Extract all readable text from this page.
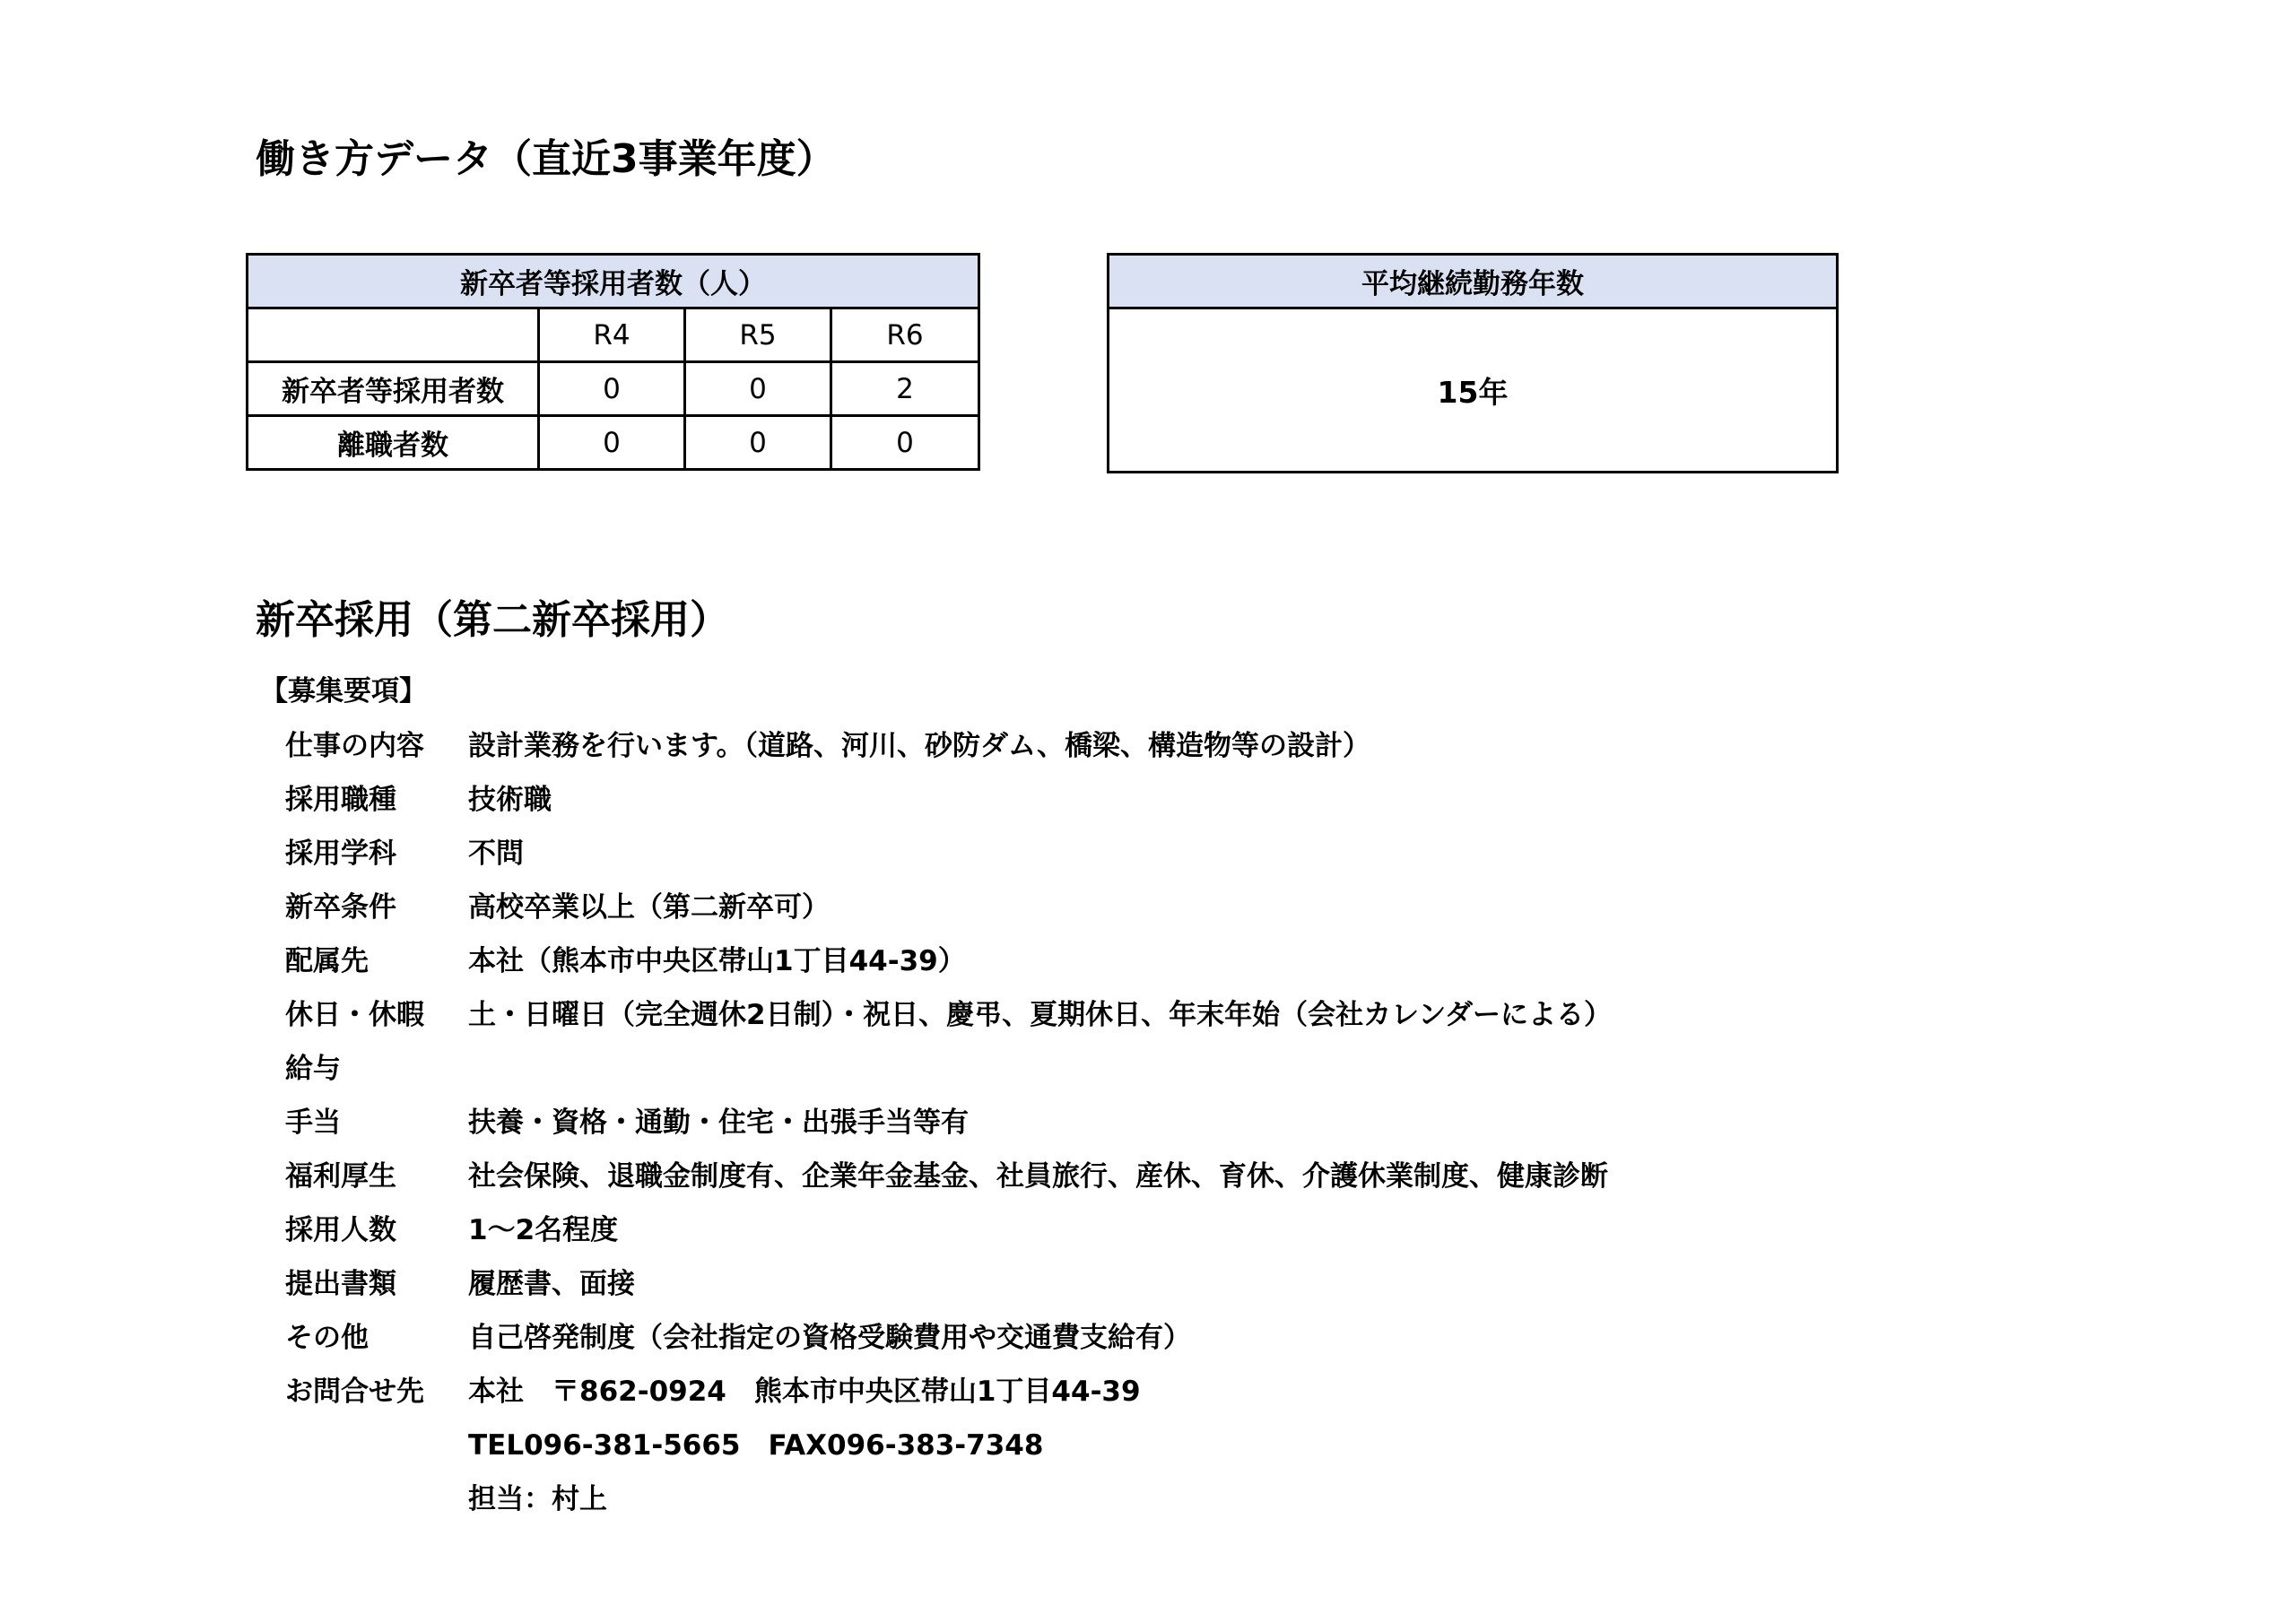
働き方データ（直近3事業年度）
新卒者等採用者数（人）			
	R4	R5	R6
新卒者等採用者数	0	0	2
離職者数	0	0	0
平均継続勤務年数
15年
新卒採用（第二新卒採用）
【募集要項】
仕事の内容	設計業務を行います。（道路、河川、砂防ダム、橋梁、構造物等の設計）
採用職種	技術職
採用学科	不問
新卒条件	高校卒業以上（第二新卒可）
配属先	本社（熊本市中央区帯山1丁目44-39）
休日・休暇	土・日曜日（完全週休2日制）・祝日、慶弔、夏期休日、年末年始（会社カレンダーによる）
給与
手当	扶養・資格・通勤・住宅・出張手当等有
福利厚生	社会保険、退職金制度有、企業年金基金、社員旅行、産休、育休、介護休業制度、健康診断
採用人数	1～2名程度
提出書類	履歴書、面接
その他	自己啓発制度（会社指定の資格受験費用や交通費支給有）
お問合せ先	本社　〒862-0924　熊本市中央区帯山1丁目44-39
TEL096-381-5665　FAX096-383-7348
担当：村上
